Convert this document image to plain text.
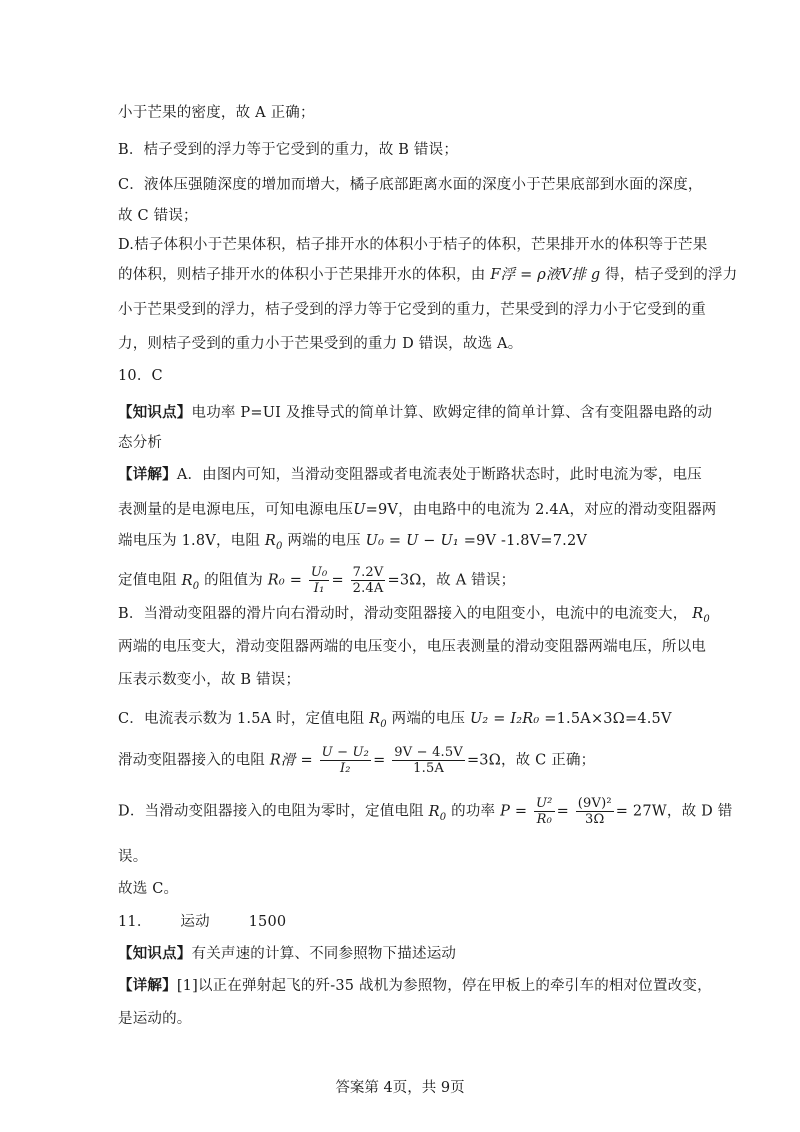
小于芒果的密度，故 A 正确；
B．桔子受到的浮力等于它受到的重力，故 B 错误；
C．液体压强随深度的增加而增大，橘子底部距离水面的深度小于芒果底部到水面的深度，
故 C 错误；
D.桔子体积小于芒果体积，桔子排开水的体积小于桔子的体积，芒果排开水的体积等于芒果
的体积，则桔子排开水的体积小于芒果排开水的体积，由 F浮 = ρ液V排 g 得，桔子受到的浮力
小于芒果受到的浮力，桔子受到的浮力等于它受到的重力，芒果受到的浮力小于它受到的重
力，则桔子受到的重力小于芒果受到的重力 D 错误，故选 A。
10．C
【知识点】电功率 P=UI 及推导式的简单计算、欧姆定律的简单计算、含有变阻器电路的动
态分析
【详解】A．由图内可知，当滑动变阻器或者电流表处于断路状态时，此时电流为零，电压
表测量的是电源电压，可知电源电压U=9V，由电路中的电流为 2.4A，对应的滑动变阻器两
端电压为 1.8V，电阻 $R_0$ 两端的电压 U₀ = U − U₁ =9V -1.8V=7.2V
定值电阻 $R_0$ 的阻值为 $R_0 = \frac{\text{U₀}}{\text{I₁}} = \frac{7.2V}{2.4A} =3\Omega$，故 A 错误；
B．当滑动变阻器的滑片向右滑动时，滑动变阻器接入的电阻变小，电流中的电流变大， $R_0$
两端的电压变大，滑动变阻器两端的电压变小，电压表测量的滑动变阻器两端电压，所以电
压表示数变小，故 B 错误；
C．电流表示数为 1.5A 时，定值电阻 $R_0$ 两端的电压 U₂ = I₂R₀ =1.5A×3Ω=4.5V
滑动变阻器接入的电阻 R滑 = $\frac{\text{U − U₂}}{\text{I₂}} = \frac{9V - 4.5V}{1.5A} =3\Omega$，故 C 正确；
D．当滑动变阻器接入的电阻为零时，定值电阻 $R_0$ 的功率 $P = \frac{\text{U²}}{\text{R₀}} = \frac{\text{(9V)²}}{3\Omega} = 27W$，故 D 错
误。
故选 C。
11． 运动	1500
【知识点】有关声速的计算、不同参照物下描述运动
【详解】[1]以正在弹射起飞的歼-35 战机为参照物，停在甲板上的牵引车的相对位置改变，
是运动的。
答案第 4页，共 9页
